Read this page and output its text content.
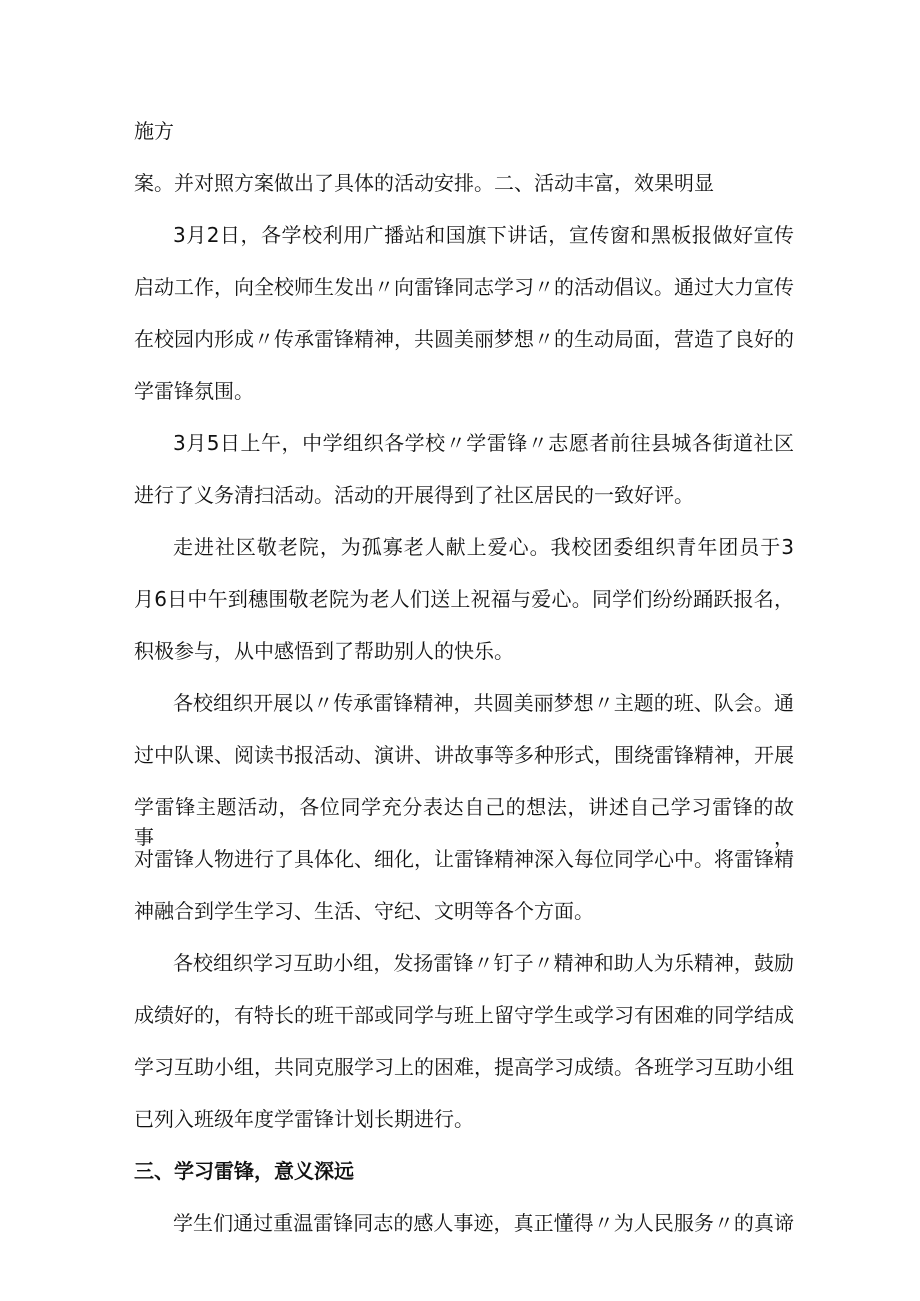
施方
案。并对照方案做出了具体的活动安排。二、活动丰富，效果明显
3月2日，各学校利用广播站和国旗下讲话，宣传窗和黑板报做好宣传
启动工作，向全校师生发出〃向雷锋同志学习〃的活动倡议。通过大力宣传
在校园内形成〃传承雷锋精神，共圆美丽梦想〃的生动局面，营造了良好的
学雷锋氛围。
3月5日上午，中学组织各学校〃学雷锋〃志愿者前往县城各街道社区
进行了义务清扫活动。活动的开展得到了社区居民的一致好评。
走进社区敬老院，为孤寡老人献上爱心。我校团委组织青年团员于3
月6日中午到穗围敬老院为老人们送上祝福与爱心。同学们纷纷踊跃报名，
积极参与，从中感悟到了帮助别人的快乐。
各校组织开展以〃传承雷锋精神，共圆美丽梦想〃主题的班、队会。通
过中队课、阅读书报活动、演讲、讲故事等多种形式，围绕雷锋精神，开展
学雷锋主题活动，各位同学充分表达自己的想法，讲述自己学习雷锋的故事，
对雷锋人物进行了具体化、细化，让雷锋精神深入每位同学心中。将雷锋精
神融合到学生学习、生活、守纪、文明等各个方面。
各校组织学习互助小组，发扬雷锋〃钉子〃精神和助人为乐精神，鼓励
成绩好的，有特长的班干部或同学与班上留守学生或学习有困难的同学结成
学习互助小组，共同克服学习上的困难，提高学习成绩。各班学习互助小组
已列入班级年度学雷锋计划长期进行。
三、学习雷锋，意义深远
学生们通过重温雷锋同志的感人事迹，真正懂得〃为人民服务〃的真谛
